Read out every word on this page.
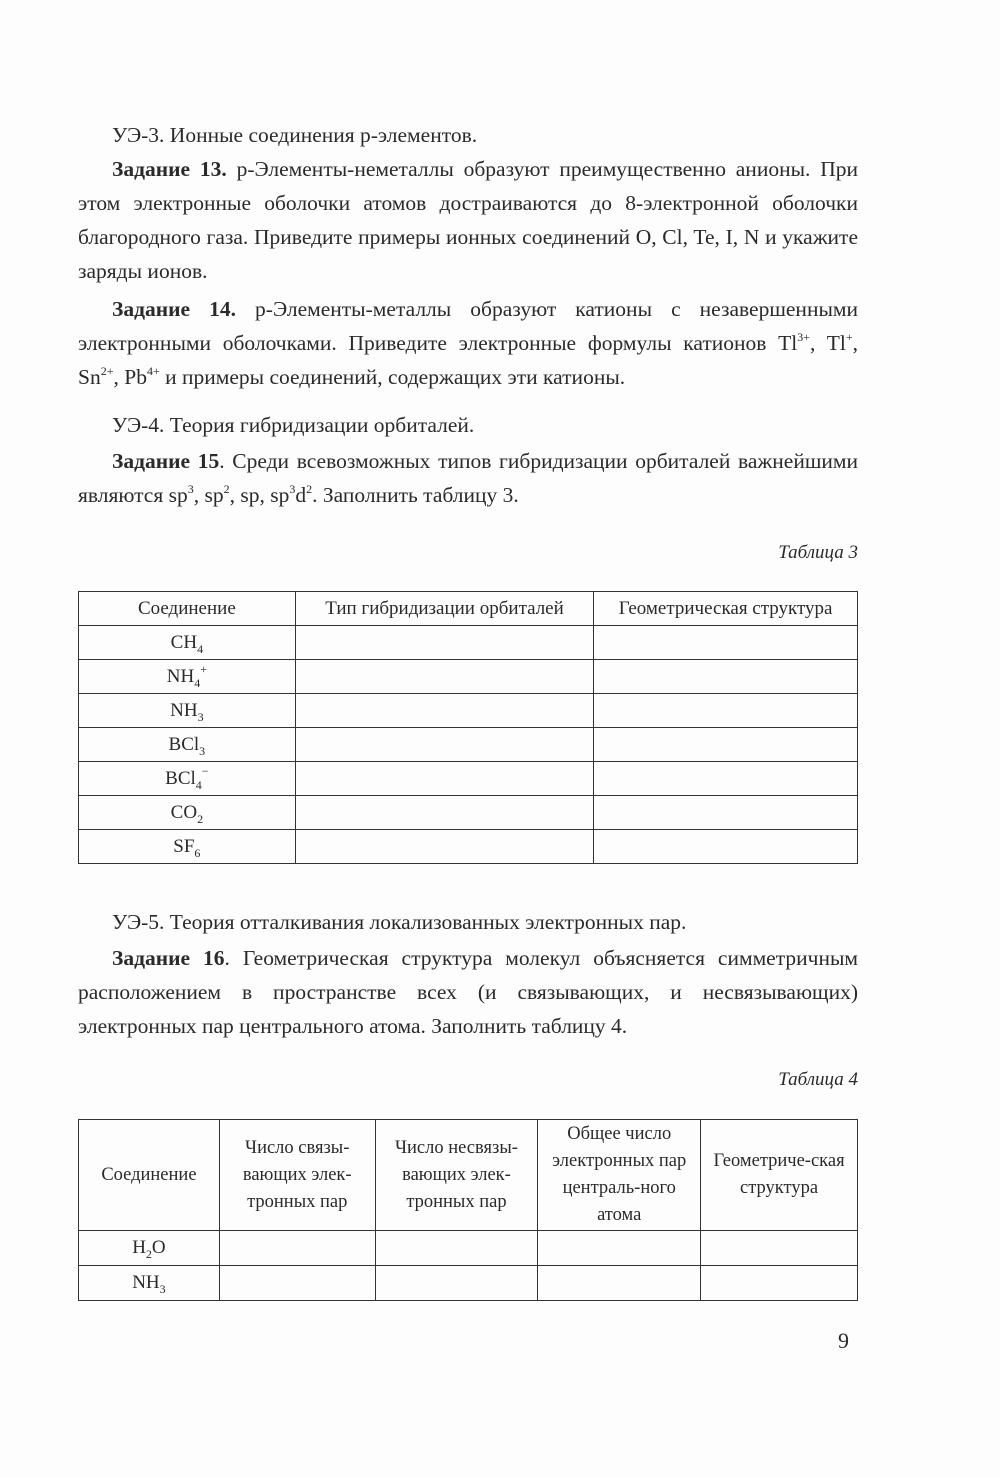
УЭ-3. Ионные соединения р-элементов.

Задание 13. р-Элементы-неметаллы образуют преимущественно анионы. При этом электронные оболочки атомов достраиваются до 8-электронной оболочки благородного газа. Приведите примеры ионных соединений O, Cl, Te, I, N и укажите заряды ионов.

Задание 14. р-Элементы-металлы образуют катионы с незавершенными электронными оболочками. Приведите электронные формулы катионов $Tl^{3+}$, Tl+, $Sn^{2+}$, $Pb^{4+}$ и примеры соединений, содержащих эти катионы.

УЭ-4. Теория гибридизации орбиталей.

Задание 15. Среди всевозможных типов гибридизации орбиталей важнейшими являются $sp^3$, $sp^2$, sp, $sp^3d^2$. Заполнить таблицу 3.

Таблица 3
Соединение	Тип гибридизации орбиталей	Геометрическая структура
$CH_4$		
$NH_4^+$		
$NH_3$		
BCl$_3$		
BCl$_4$−		
$CO_2$		
$SF_6$		

УЭ-5. Теория отталкивания локализованных электронных пар.

Задание 16. Геометрическая структура молекул объясняется симметричным расположением в пространстве всех (и связывающих, и несвязывающих) электронных пар центрального атома. Заполнить таблицу 4.

Таблица 4
Соединение	Число связы-вающих элек-тронных пар	Число несвязы-вающих элек-тронных пар	Общее число электронных пар централь-ного атома	Геометриче-ская структура
$H_2O$				
$NH_3$				
9
